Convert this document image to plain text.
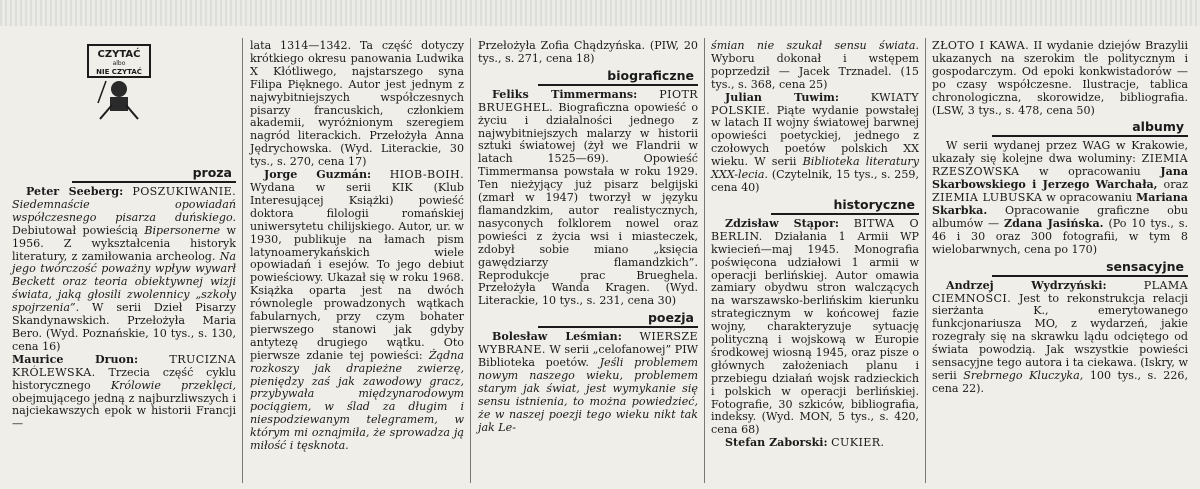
CZYTAĆ
albo
NIE CZYTAĆ
proza

Peter Seeberg: POSZUKIWANIE. Siedemnaście opowiadań współczesnego pisarza duńskiego. Debiutował powieścią Bipersonerne w 1956. Z wykształcenia historyk literatury, z zamiłowania archeolog. Na jego twórczość poważny wpływ wywarł Beckett oraz teoria obiektywnej wizji świata, jaką głosili zwolennicy „szkoły spojrzenia”. W serii Dzieł Pisarzy Skandynawskich. Przełożyła Maria Bero. (Wyd. Poznańskie, 10 tys., s. 130, cena 16)

Maurice Druon:	TRUCIZNA KRÓLEWSKA. Trzecia część cyklu historycznego Królowie przeklęci, obejmującego jedną z najburzliwszych i najciekawszych epok w historii Francji —

lata 1314—1342. Ta część dotyczy krótkiego okresu panowania Ludwika X Kłótliwego, najstarszego syna Filipa Pięknego. Autor jest jednym z najwybitniejszych współczesnych pisarzy francuskich, członkiem akademii, wyróżnionym szeregiem nagród literackich. Przełożyła Anna Jędrychowska. (Wyd. Literackie, 30 tys., s. 270, cena 17)

Jorge Guzmán: HIOB-BOIH. Wydana w serii KIK (Klub Interesującej Książki) powieść doktora filologii romańskiej uniwersytetu chilijskiego. Autor, ur. w 1930, publikuje na łamach pism latynoamerykańskich wiele opowiadań i esejów. To jego debiut powieściowy. Ukazał się w roku 1968. Książka oparta jest na dwóch równolegle prowadzonych wątkach fabularnych, przy czym bohater pierwszego stanowi jak gdyby antytezę drugiego wątku. Oto pierwsze zdanie tej powieści: Żądna rozkoszy jak drapieżne zwierzę, pieniędzy zaś jak zawodowy gracz, przybywała międzynarodowym pociągiem, w ślad za długim i niespodziewanym telegramem, w którym mi oznajmiła, że sprowadza ją miłość i tęsknota.

Przełożyła Zofia Chądzyńska. (PIW, 20 tys., s. 271, cena 18)

biograficzne

Feliks Timmermans: PIOTR BRUEGHEL. Biograficzna opowieść o życiu i działalności jednego z najwybitniejszych malarzy w historii sztuki światowej (żył we Flandrii w latach 1525—69). Opowieść Timmermansa powstała w roku 1929. Ten nieżyjący już pisarz belgijski (zmarł w 1947) tworzył w języku flamandzkim, autor realistycznych, nasyconych folklorem nowel oraz powieści z życia wsi i miasteczek, zdobył sobie miano „księcia gawędziarzy flamandzkich”. Reprodukcje prac Brueghela. Przełożyła Wanda Kragen. (Wyd. Literackie, 10 tys., s. 231, cena 30)

poezja

Bolesław Leśmian: WIERSZE WYBRANE. W serii „celofanowej” PIW Biblioteka poetów. Jeśli problemem nowym naszego wieku, problemem starym jak świat, jest wymykanie się sensu istnienia, to można powiedzieć, że w naszej poezji tego wieku nikt tak jak Le-

śmian nie szukał sensu świata. Wyboru dokonał i wstępem poprzedził — Jacek Trznadel. (15 tys., s. 368, cena 25)

Julian Tuwim:	KWIATY POLSKIE. Piąte wydanie powstałej w latach II wojny światowej barwnej opowieści poetyckiej, jednego z czołowych poetów polskich XX wieku. W serii Biblioteka literatury XXX-lecia. (Czytelnik, 15 tys., s. 259, cena 40)

historyczne

Zdzisław Stąpor: BITWA O BERLIN. Działania 1 Armii WP kwiecień—maj 1945. Monografia poświęcona udziałowi 1 armii w operacji berlińskiej. Autor omawia zamiary obydwu stron walczących na warszawsko-berlińskim kierunku strategicznym w końcowej fazie wojny, charakteryzuje sytuację polityczną i wojskową w Europie środkowej wiosną 1945, oraz pisze o głównych założeniach planu i przebiegu działań wojsk radzieckich i polskich w operacji berlińskiej. Fotografie, 30 szkiców, bibliografia, indeksy. (Wyd. MON, 5 tys., s. 420, cena 68)

Stefan Zaborski: CUKIER.

ZŁOTO I KAWA. II wydanie dziejów Brazylii ukazanych na szerokim tle politycznym i gospodarczym. Od epoki konkwistadorów — po czasy współczesne. Ilustracje, tablica chronologiczna, skorowidze, bibliografia. (LSW, 3 tys., s. 478, cena 50)

albumy

W serii wydanej przez WAG w Krakowie, ukazały się kolejne dwa woluminy: ZIEMIA RZESZOWSKA w opracowaniu Jana Skarbowskiego i Jerzego Warchała, oraz ZIEMIA LUBUSKA w opracowaniu Mariana Skarbka. Opracowanie graficzne obu albumów — Zdana Jasińska. (Po 10 tys., s. 46 i 30 oraz 300 fotografii, w tym 8 wielobarwnych, cena po 170)

sensacyjne

Andrzej Wydrzyński:	PLAMA CIEMNOŚCI. Jest to rekonstrukcja relacji sierżanta K., emerytowanego funkcjonariusza MO, z wydarzeń, jakie rozegrały się na skrawku lądu odciętego od świata powodzią. Jak wszystkie powieści sensacyjne tego autora i ta ciekawa. (Iskry, w serii Srebrnego Kluczyka, 100 tys., s. 226, cena 22).
